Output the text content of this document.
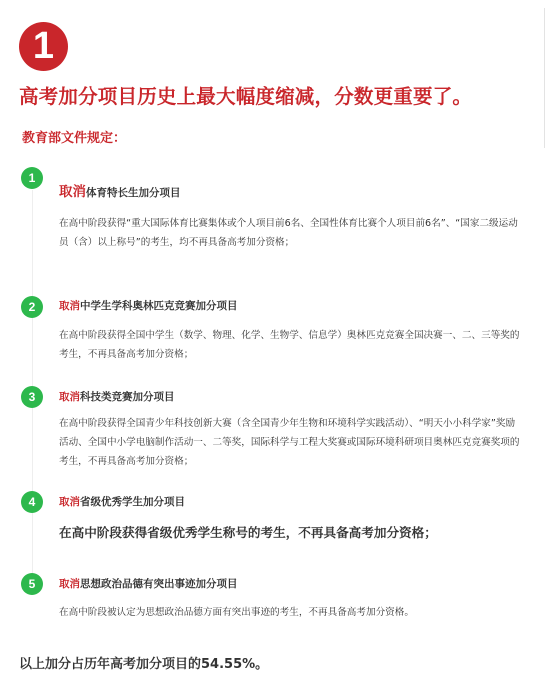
1
高考加分项目历史上最大幅度缩减，分数更重要了。
教育部文件规定：
1
取消体育特长生加分项目

在高中阶段获得“重大国际体育比赛集体或个人项目前6名、全国性体育比赛个人项目前6名”、“国家二级运动员（含）以上称号”的考生，均不再具备高考加分资格；

2	取消中学生学科奥林匹克竞赛加分项目

在高中阶段获得全国中学生（数学、物理、化学、生物学、信息学）奥林匹克竞赛全国决赛一、二、三等奖的考生，不再具备高考加分资格；

3	取消科技类竞赛加分项目

在高中阶段获得全国青少年科技创新大赛（含全国青少年生物和环境科学实践活动）、“明天小小科学家”奖励活动、全国中小学电脑制作活动一、二等奖，国际科学与工程大奖赛或国际环境科研项目奥林匹克竞赛奖项的考生，不再具备高考加分资格；

4	取消省级优秀学生加分项目

在高中阶段获得省级优秀学生称号的考生，不再具备高考加分资格；

5	取消思想政治品德有突出事迹加分项目

在高中阶段被认定为思想政治品德方面有突出事迹的考生，不再具备高考加分资格。

以上加分占历年高考加分项目的54.55%。
